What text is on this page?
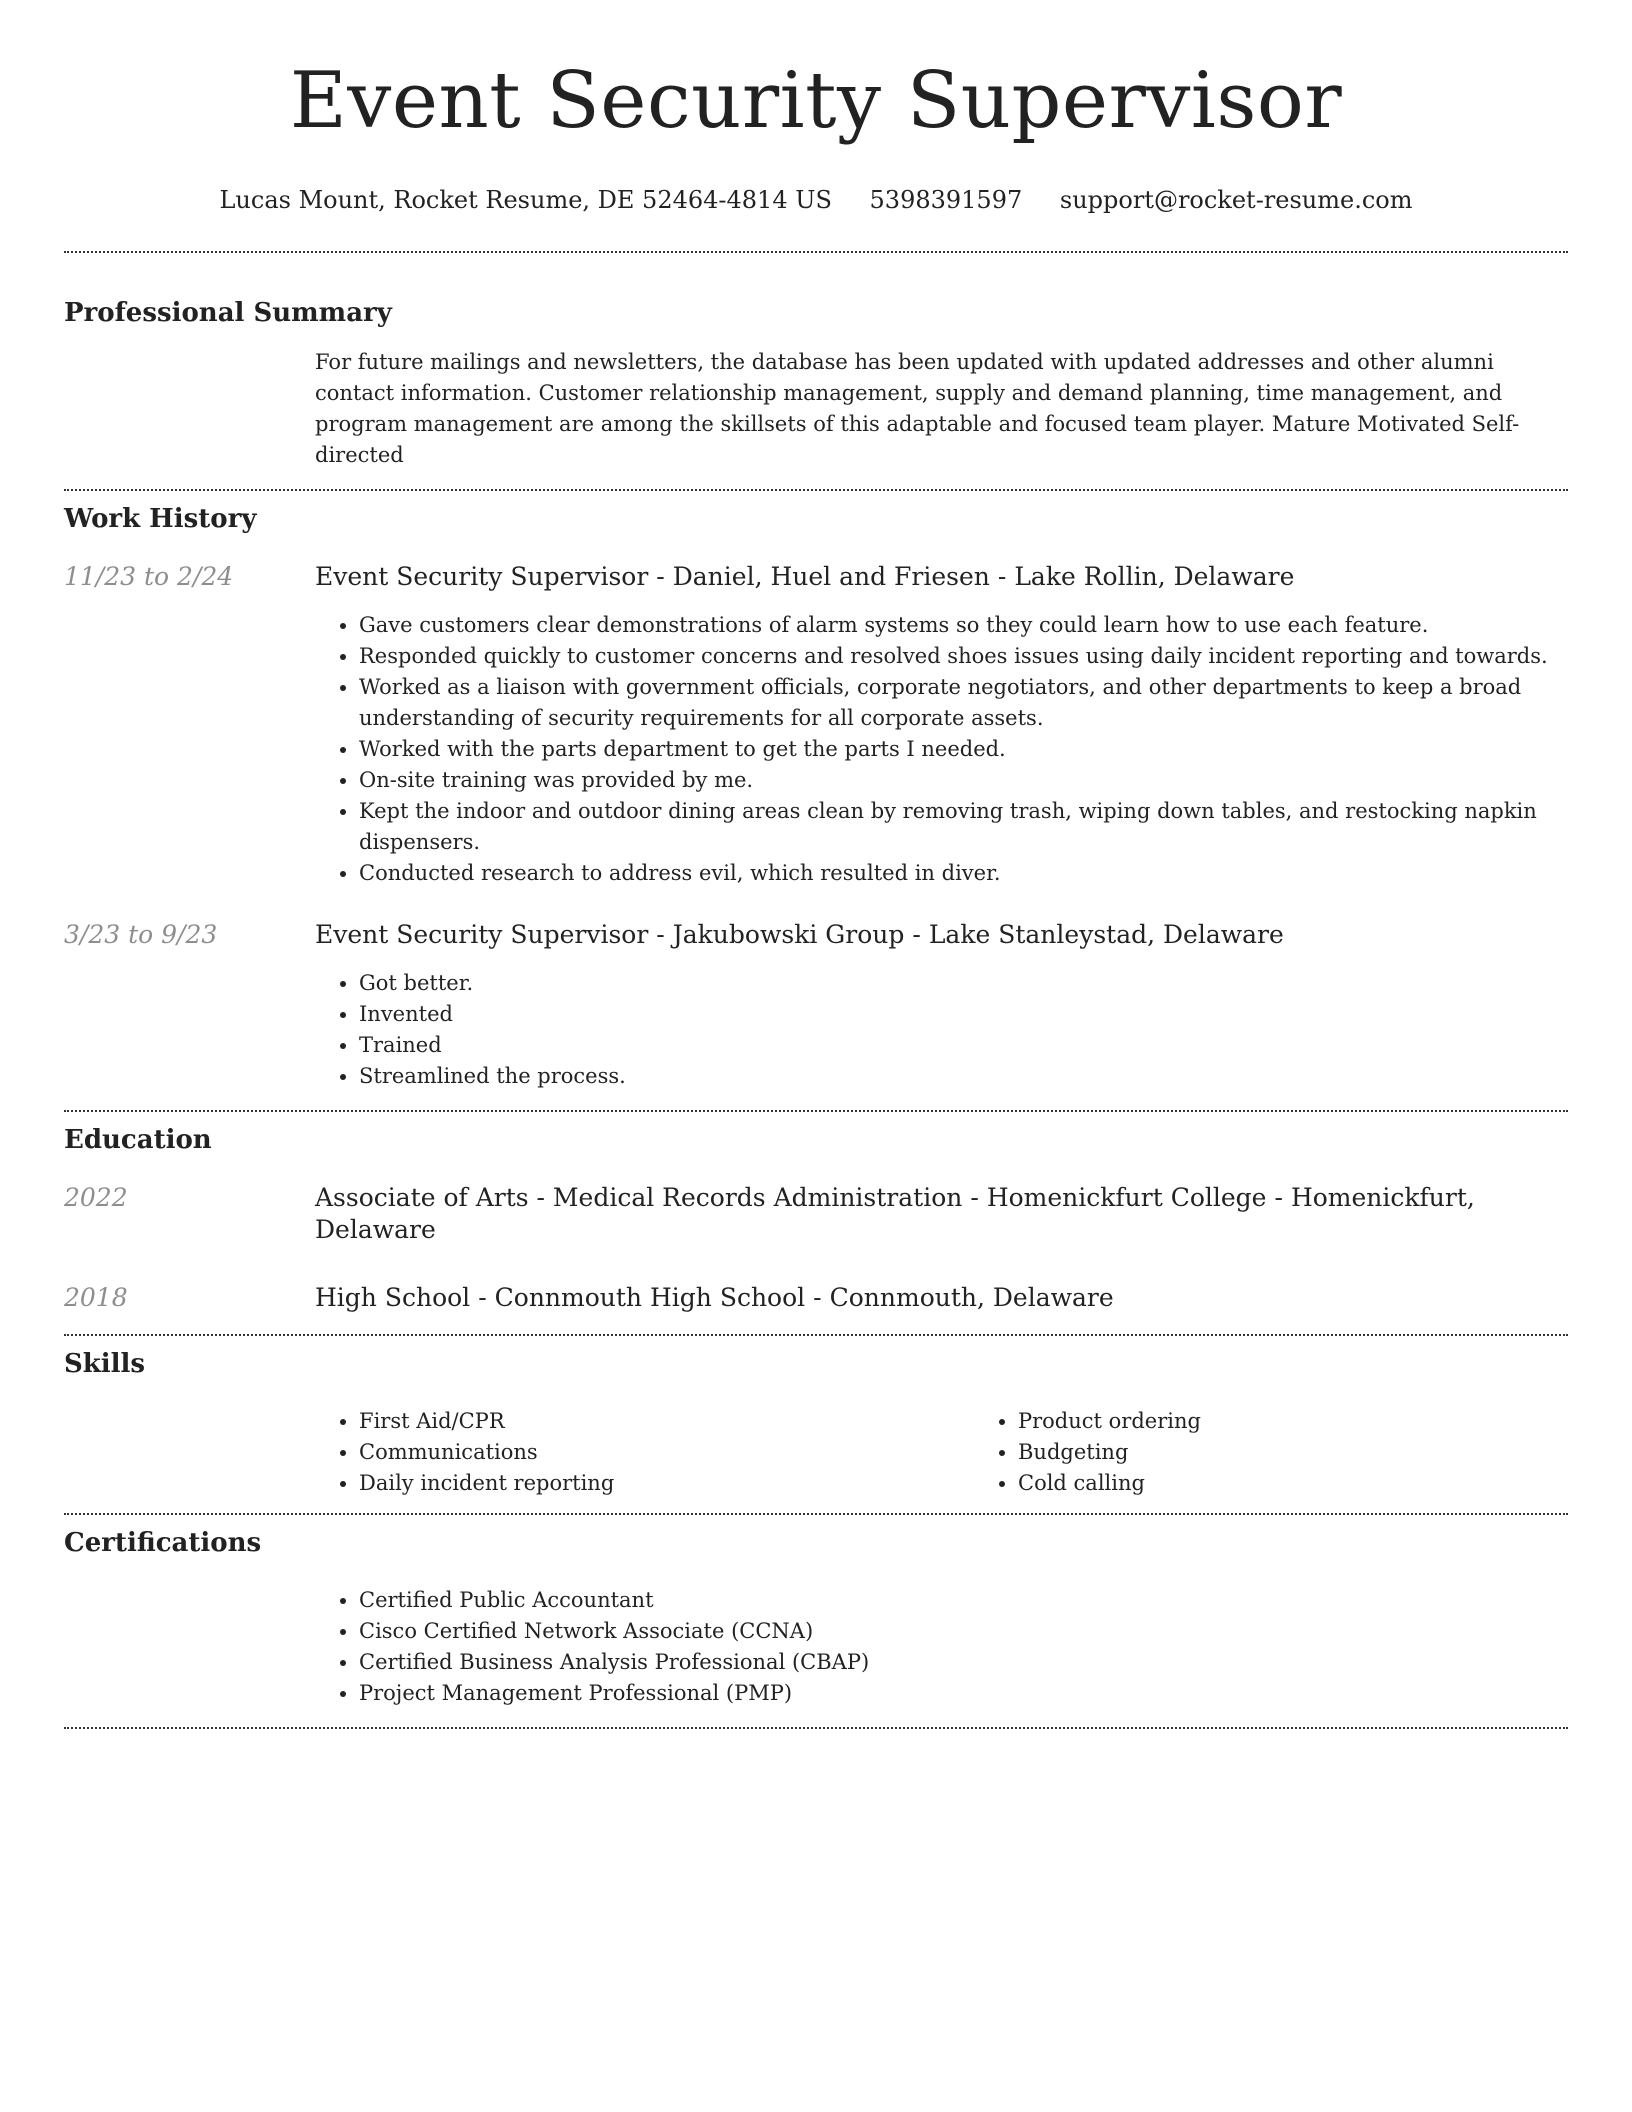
Event Security Supervisor
Lucas Mount, Rocket Resume, DE 52464-4814 US 5398391597 support@rocket-resume.com
Professional Summary

For future mailings and newsletters, the database has been updated with updated addresses and other alumni contact information. Customer relationship management, supply and demand planning, time management, and program management are among the skillsets of this adaptable and focused team player. Mature Motivated Self-directed

Work History
11/23 to 2/24	Event Security Supervisor - Daniel, Huel and Friesen - Lake Rollin, Delaware
• Gave customers clear demonstrations of alarm systems so they could learn how to use each feature.
• Responded quickly to customer concerns and resolved shoes issues using daily incident reporting and towards.
• Worked as a liaison with government officials, corporate negotiators, and other departments to keep a broad understanding of security requirements for all corporate assets.
• Worked with the parts department to get the parts I needed.
• On-site training was provided by me.
• Kept the indoor and outdoor dining areas clean by removing trash, wiping down tables, and restocking napkin dispensers.
• Conducted research to address evil, which resulted in diver.
3/23 to 9/23	Event Security Supervisor - Jakubowski Group - Lake Stanleystad, Delaware
• Got better.
• Invented
• Trained
• Streamlined the process.
Education
2022	Associate of Arts - Medical Records Administration - Homenickfurt College - Homenickfurt, Delaware
2018	High School - Connmouth High School - Connmouth, Delaware
Skills
• First Aid/CPR
• Communications
• Daily incident reporting
• Product ordering
• Budgeting
• Cold calling
Certifications
• Certified Public Accountant
• Cisco Certified Network Associate (CCNA)
• Certified Business Analysis Professional (CBAP)
• Project Management Professional (PMP)
